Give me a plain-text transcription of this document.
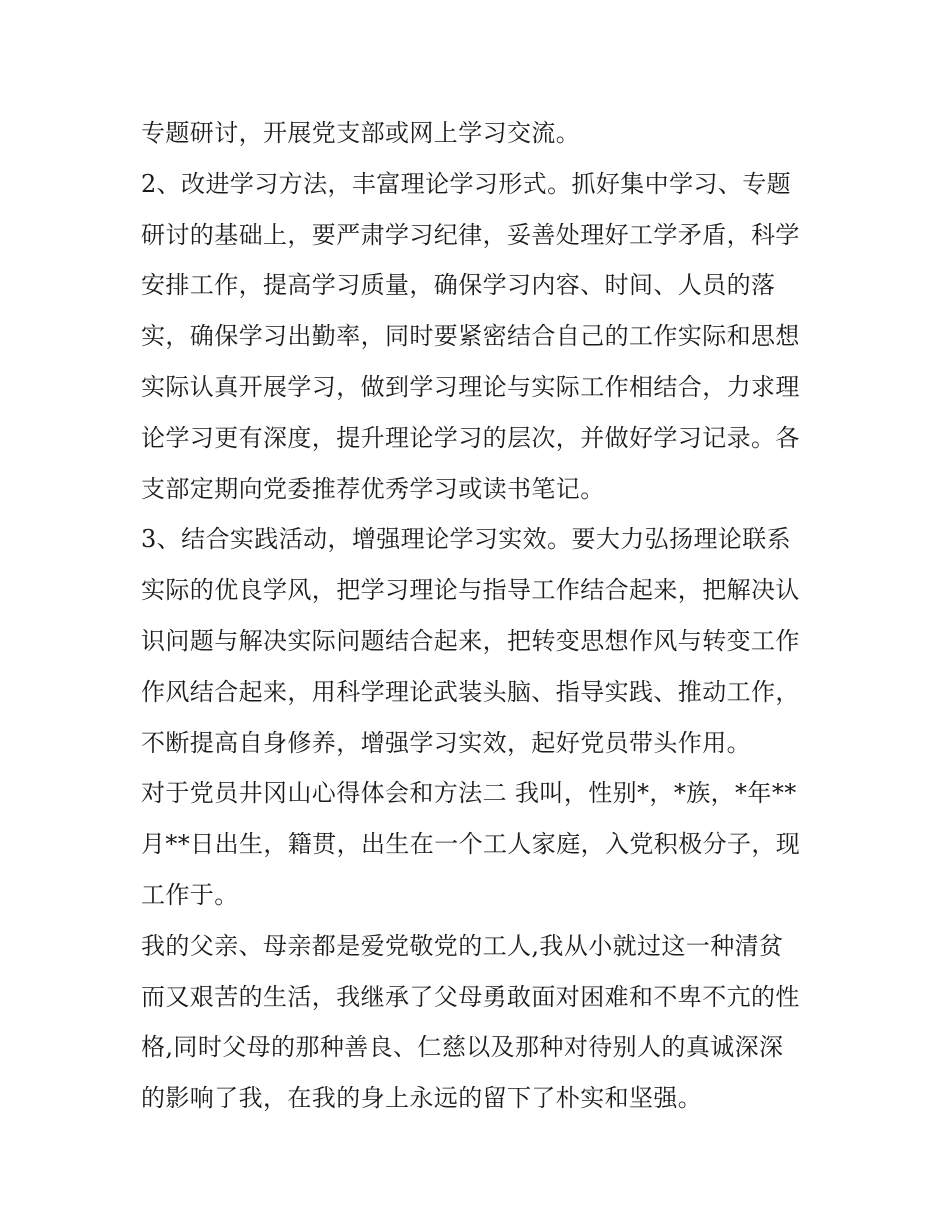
专题研讨，开展党支部或网上学习交流。
2、改进学习方法，丰富理论学习形式。抓好集中学习、专题
研讨的基础上，要严肃学习纪律，妥善处理好工学矛盾，科学
安排工作，提高学习质量，确保学习内容、时间、人员的落
实，确保学习出勤率，同时要紧密结合自己的工作实际和思想
实际认真开展学习，做到学习理论与实际工作相结合，力求理
论学习更有深度，提升理论学习的层次，并做好学习记录。各
支部定期向党委推荐优秀学习或读书笔记。
3、结合实践活动，增强理论学习实效。要大力弘扬理论联系
实际的优良学风，把学习理论与指导工作结合起来，把解决认
识问题与解决实际问题结合起来，把转变思想作风与转变工作
作风结合起来，用科学理论武装头脑、指导实践、推动工作，
不断提高自身修养，增强学习实效，起好党员带头作用。
对于党员井冈山心得体会和方法二 我叫，性别*，*族，*年**
月**日出生，籍贯，出生在一个工人家庭，入党积极分子，现
工作于。
我的父亲、母亲都是爱党敬党的工人,我从小就过这一种清贫
而又艰苦的生活，我继承了父母勇敢面对困难和不卑不亢的性
格,同时父母的那种善良、仁慈以及那种对待别人的真诚深深
的影响了我，在我的身上永远的留下了朴实和坚强。
